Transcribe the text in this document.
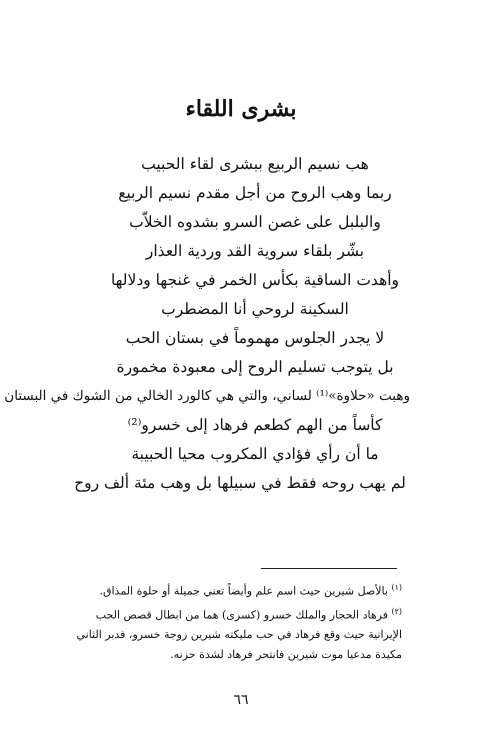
بشرى اللقاء
هب نسيم الربيع ببشرى لقاء الحبيب
ربما وهب الروح من أجل مقدم نسيم الربيع
والبلبل على غصن السرو بشدوه الخلاّب
بشّر بلقاء سروية القد وردية العذار
وأهدت الساقية بكأس الخمر في غنجها ودلالها
السكينة لروحي أنا المضطرب
لا يجدر الجلوس مهموماً في بستان الحب
بل يتوجب تسليم الروح إلى معبودة مخمورة
وهبت «حلاوة»⁽¹⁾ لساني، والتي هي كالورد الخالي من الشوك في البستان
كأساً من الهم كطعم فرهاد إلى خسرو⁽²⁾
ما أن رأي فؤادي المكروب محيا الحبيبة
لم يهب روحه فقط في سبيلها بل وهب مئة ألف روح
$^{(١)}$ بالأصل شيرين حيث اسم علم وأيضاً تعني جميلة أو حلوة المذاق.
$^{(٢)}$ فرهاد الحجار والملك خسرو (كسرى) هما من ابطال قصص الحب
الإيرانية حيث وقع فرهاد في حب مليكته شيرين زوجة خسرو، فدبر الثاني
مكيدة مدعيا موت شيرين فانتحر فرهاد لشدة حزنه.
٦٦
